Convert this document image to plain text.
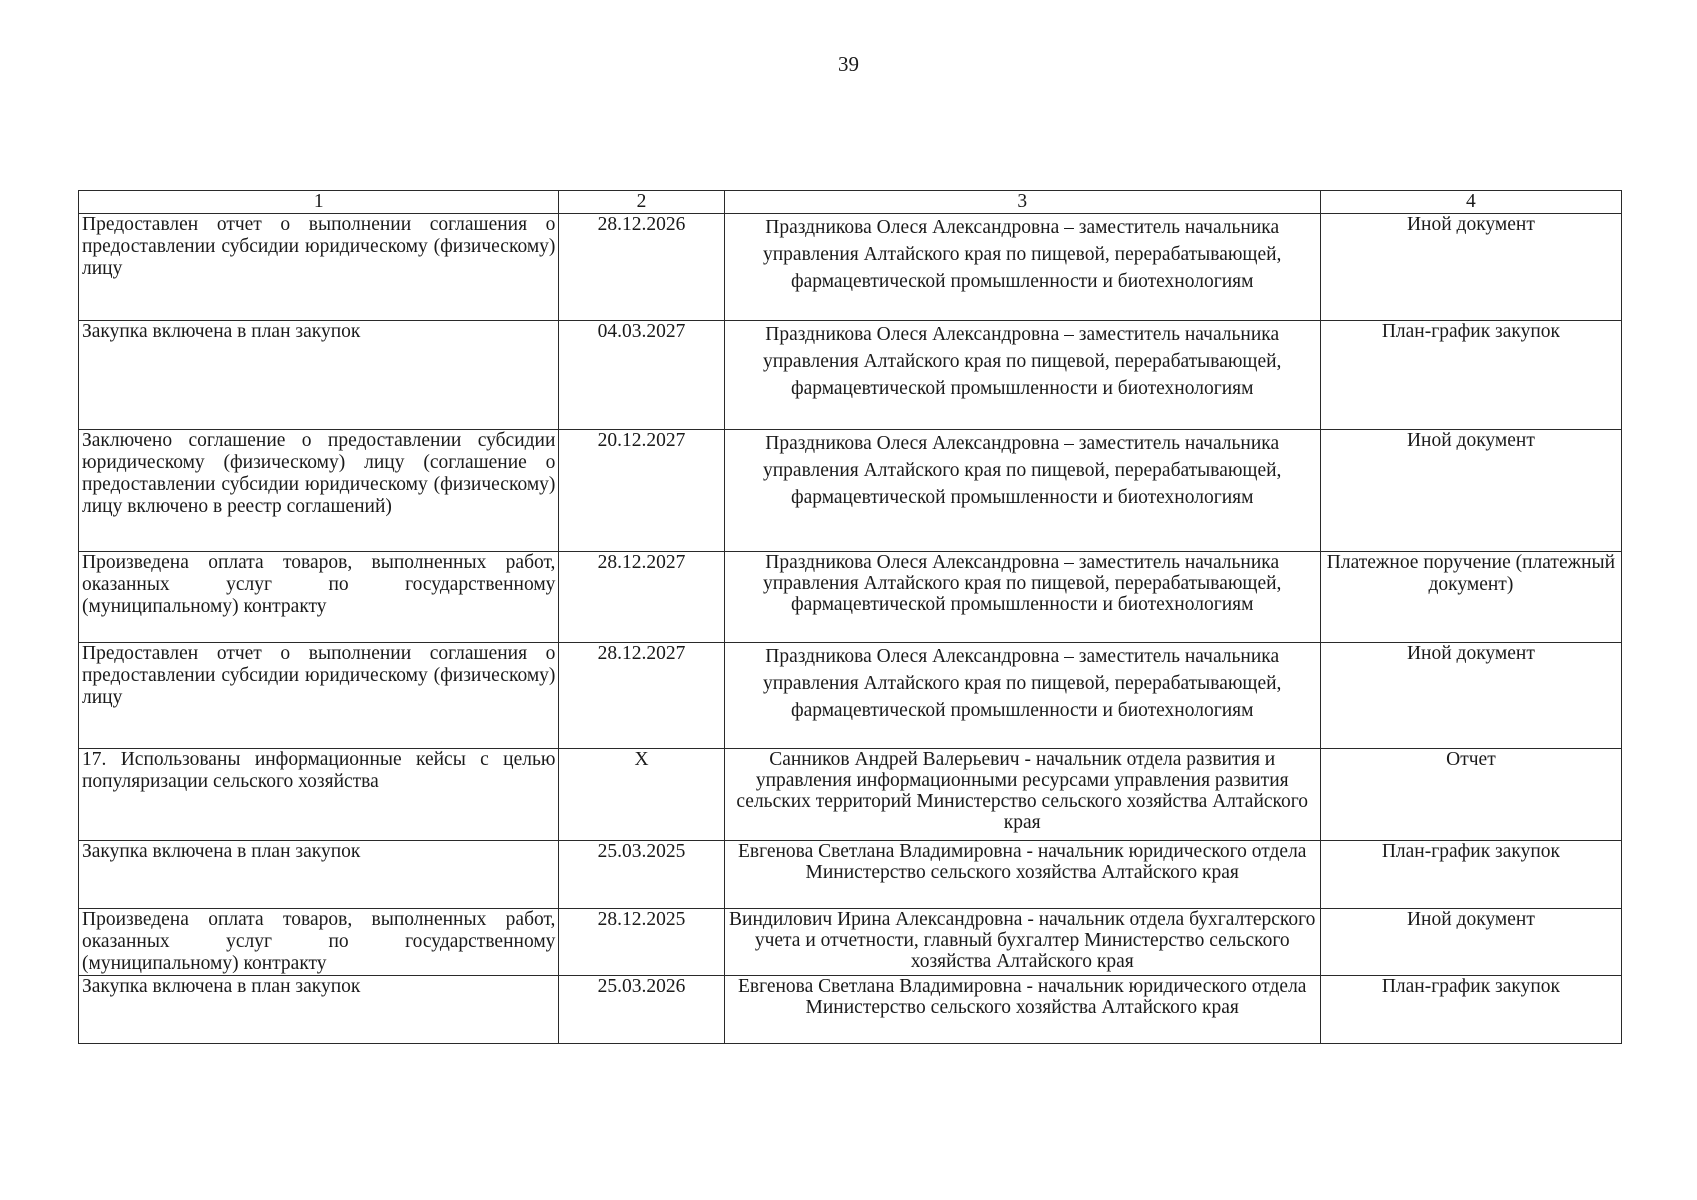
39
1	2	3	4
Предоставлен отчет о выполнении соглашения о предоставлении субсидии юридическому (физическому) лицу	28.12.2026	Праздникова Олеся Александровна – заместитель начальника управления Алтайского края по пищевой, перерабатывающей, фармацевтической промышленности и биотехнологиям	Иной документ
Закупка включена в план закупок	04.03.2027	Праздникова Олеся Александровна – заместитель начальника управления Алтайского края по пищевой, перерабатывающей, фармацевтической промышленности и биотехнологиям	План-график закупок
Заключено соглашение о предоставлении субсидии юридическому (физическому) лицу (соглашение о предоставлении субсидии юридическому (физическому) лицу включено в реестр соглашений)	20.12.2027	Праздникова Олеся Александровна – заместитель начальника управления Алтайского края по пищевой, перерабатывающей, фармацевтической промышленности и биотехнологиям	Иной документ
Произведена оплата товаров, выполненных работ, оказанных услуг по государственному (муниципальному) контракту	28.12.2027	Праздникова Олеся Александровна – заместитель начальника управления Алтайского края по пищевой, перерабатывающей, фармацевтической промышленности и биотехнологиям	Платежное поручение (платежный документ)
Предоставлен отчет о выполнении соглашения о предоставлении субсидии юридическому (физическому) лицу	28.12.2027	Праздникова Олеся Александровна – заместитель начальника управления Алтайского края по пищевой, перерабатывающей, фармацевтической промышленности и биотехнологиям	Иной документ
17. Использованы информационные кейсы с целью популяризации сельского хозяйства	Х	Санников Андрей Валерьевич - начальник отдела развития и управления информационными ресурсами управления развития сельских территорий Министерство сельского хозяйства Алтайского края	Отчет
Закупка включена в план закупок	25.03.2025	Евгенова Светлана Владимировна - начальник юридического отдела Министерство сельского хозяйства Алтайского края	План-график закупок
Произведена оплата товаров, выполненных работ, оказанных услуг по государственному (муниципальному) контракту	28.12.2025	Виндилович Ирина Александровна - начальник отдела бухгалтерского учета и отчетности, главный бухгалтер Министерство сельского хозяйства Алтайского края	Иной документ
Закупка включена в план закупок	25.03.2026	Евгенова Светлана Владимировна - начальник юридического отдела Министерство сельского хозяйства Алтайского края	План-график закупок
